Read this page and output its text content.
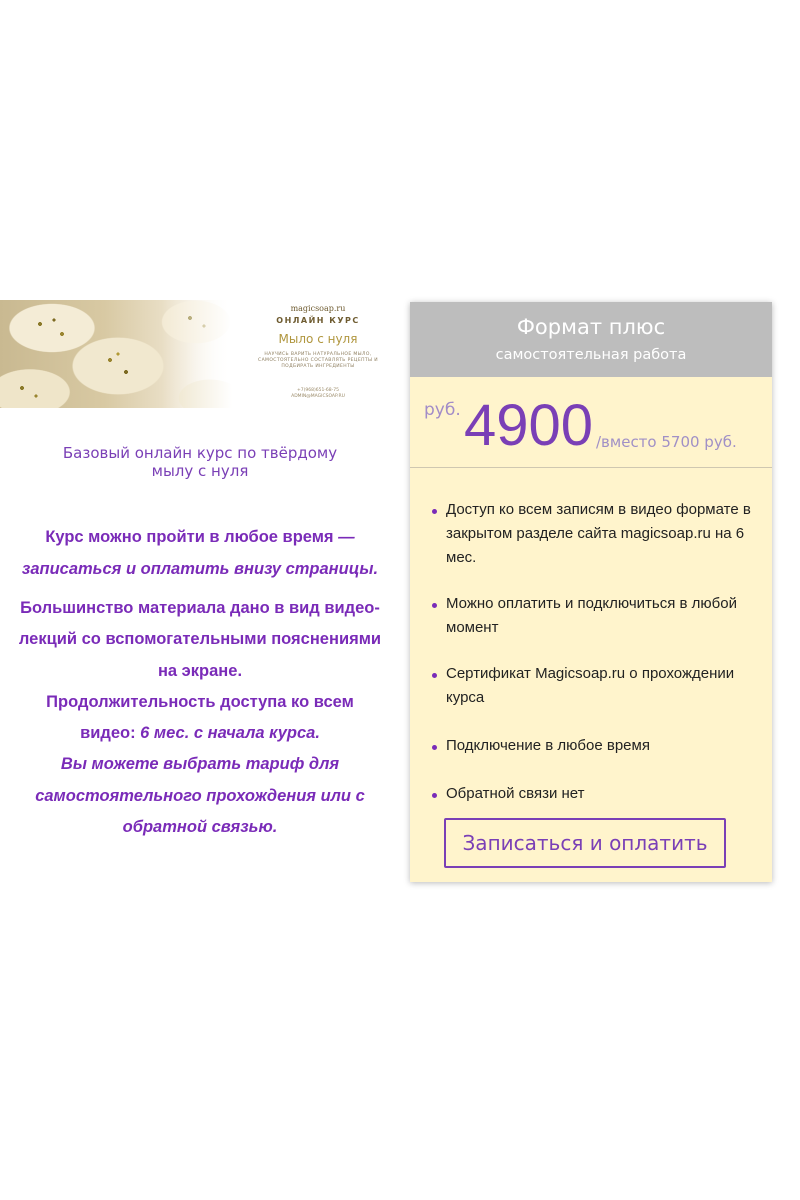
magicsoap.ru
ОНЛАЙН КУРС
Мыло с нуля
НАУЧИСЬ ВАРИТЬ НАТУРАЛЬНОЕ МЫЛО, САМОСТОЯТЕЛЬНО СОСТАВЛЯТЬ РЕЦЕПТЫ И ПОДБИРАТЬ ИНГРЕДИЕНТЫ
+7(968)651-68-75
ADMIN@MAGICSOAP.RU
Базовый онлайн курс по твёрдому
мылу с нуля

Курс можно пройти в любое время — записаться и оплатить внизу страницы.

Большинство материала дано в вид видео-лекций со вспомогательными пояснениями на экране.
Продолжительность доступа ко всем видео: 6 мес. с начала курса.
Вы можете выбрать тариф для самостоятельного прохождения или с обратной связью.

Формат плюс
самостоятельная работа
руб. 4900 /вместо 5700 руб.
Доступ ко всем записям в видео формате в закрытом разделе сайта magicsoap.ru на 6 мес.
Можно оплатить и подключиться в любой момент
Сертификат Magicsoap.ru о прохождении курса
Подключение в любое время
Обратной связи нет
Записаться и оплатить
